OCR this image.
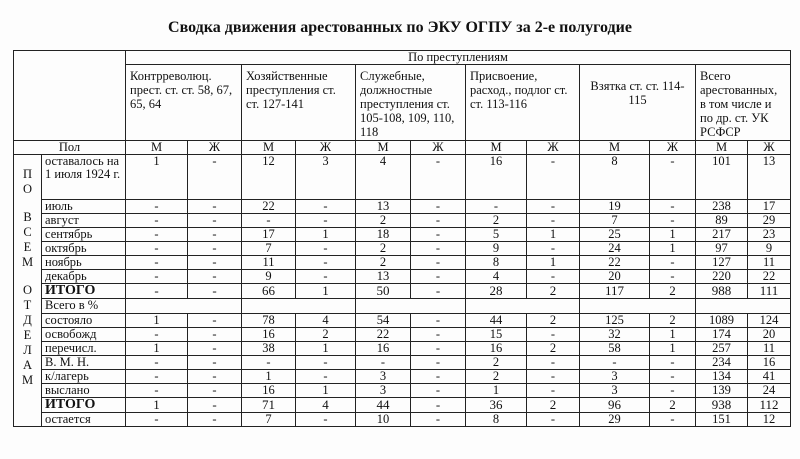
Сводка движения арестованных по ЭКУ ОГПУ за 2-е полугодие
		По преступлениям											
		Контрреволюц. прест. ст. ст. 58, 67, 65, 64		Хозяйственные преступления ст. ст. 127-141		Служебные, должностные преступления ст. 105-108, 109, 110, 118		Присвоение, расход., подлог ст. ст. 113-116		Взятка ст. ст. 114-115		Всего арестованных, в том числе и по др. ст. УК РСФСР	
Пол		М	Ж	М	Ж	М	Ж	М	Ж	М	Ж	М	Ж

П
О
В
С
Е
М
О
Т
Д
Е
Л
А
М
	оставалось на 1 июля 1924 г.	1	-	12	3	4	-	16	-	8	-	101	13
	июль	-	-	22	-	13	-	-	-	19	-	238	17
	август	-	-	-	-	2	-	2	-	7	-	89	29
	сентябрь	-	-	17	1	18	-	5	1	25	1	217	23
	октябрь	-	-	7	-	2	-	9	-	24	1	97	9
	ноябрь	-	-	11	-	2	-	8	1	22	-	127	11
	декабрь	-	-	9	-	13	-	4	-	20	-	220	22
	ИТОГО	-	-	66	1	50	-	28	2	117	2	988	111
	Всего в %												
	состояло	1	-	78	4	54	-	44	2	125	2	1089	124
	освобожд	-	-	16	2	22	-	15	-	32	1	174	20
	перечисл.	1	-	38	1	16	-	16	2	58	1	257	11
	В. М. Н.	-	-	-	-	-	-	2	-	-	-	234	16
	к/лагерь	-	-	1	-	3	-	2	-	3	-	134	41
	выслано	-	-	16	1	3	-	1	-	3	-	139	24
	ИТОГО	1	-	71	4	44	-	36	2	96	2	938	112
	остается	-	-	7	-	10	-	8	-	29	-	151	12
